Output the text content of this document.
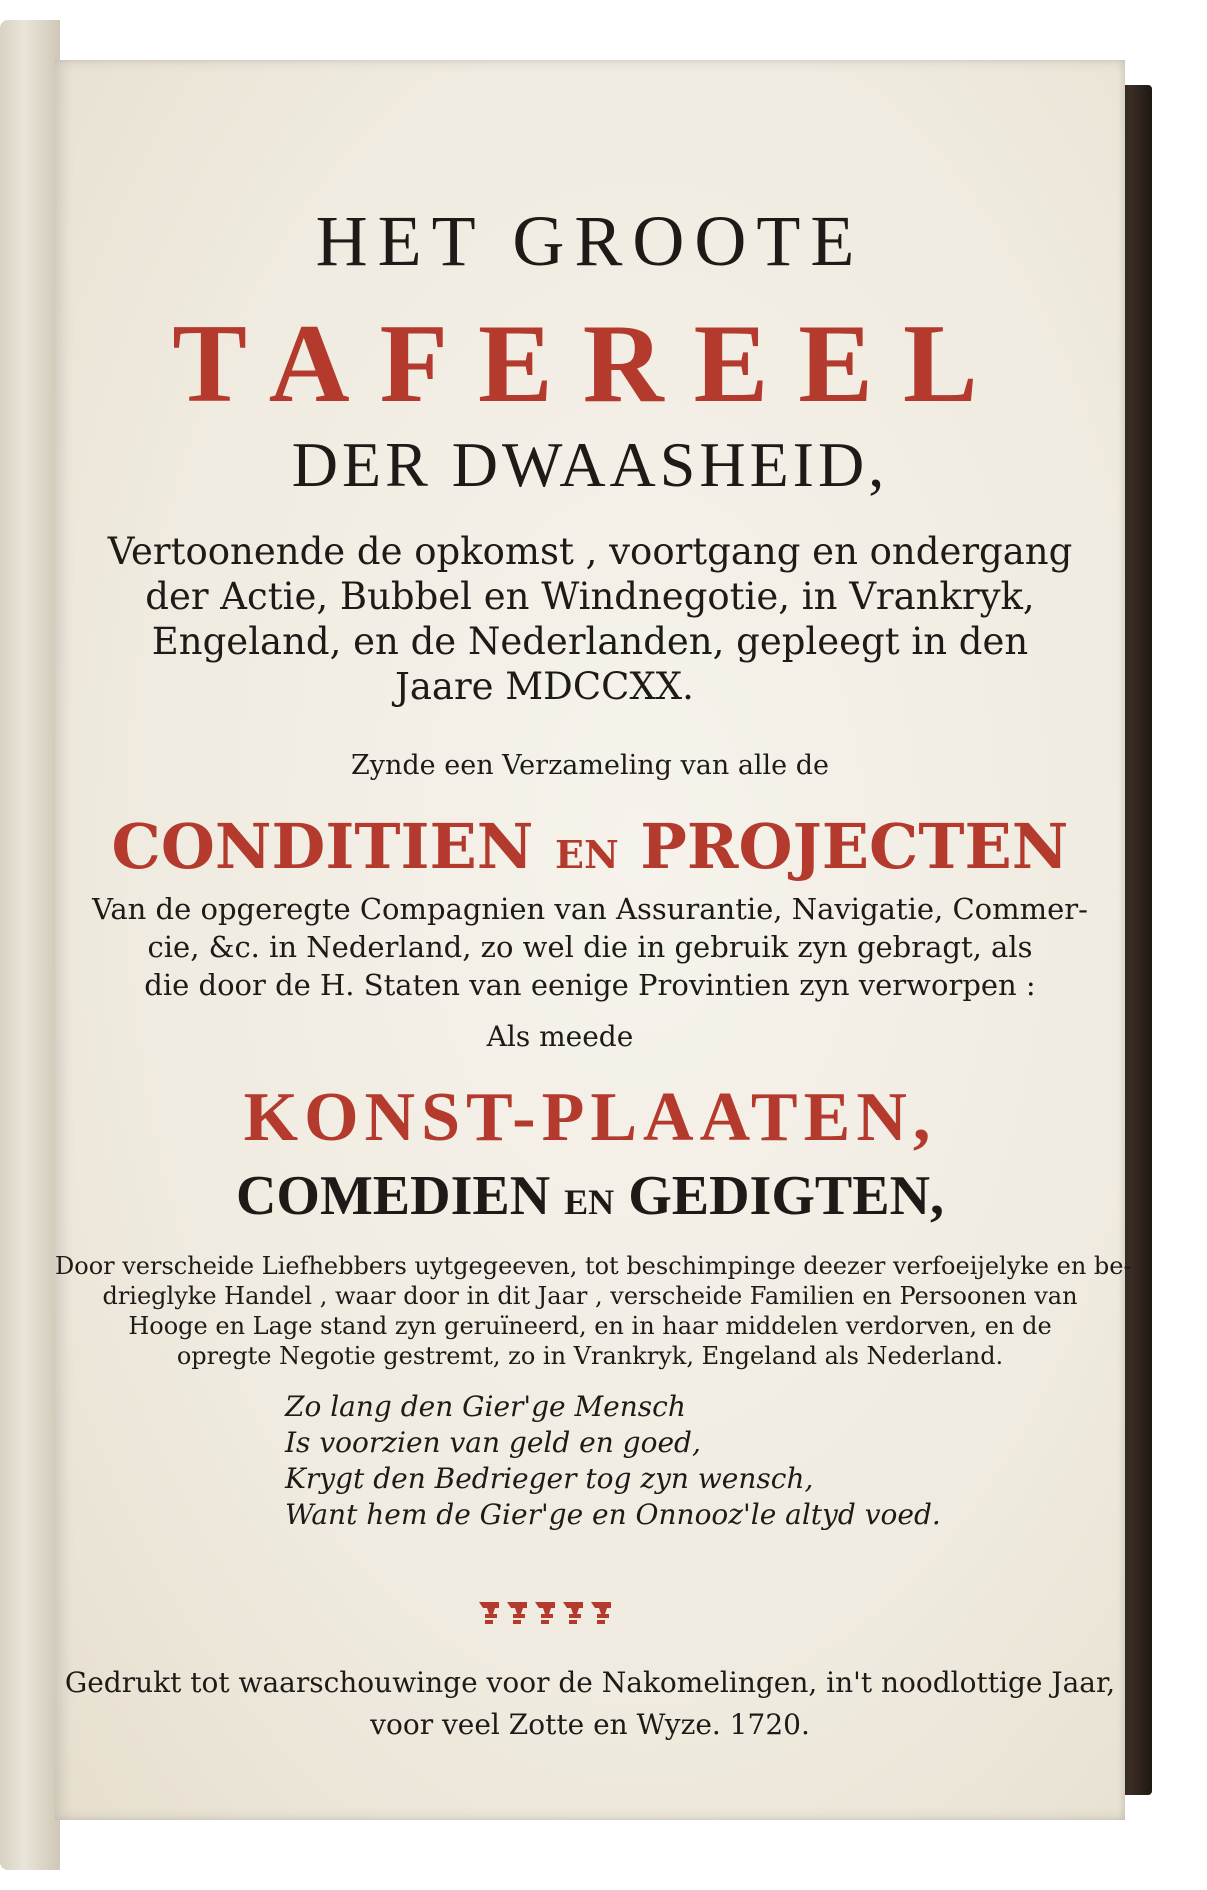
HET GROOTE
TAFEREEL
DER DWAASHEID,
Vertoonende de opkomst , voortgang en ondergang
der Actie, Bubbel en Windnegotie, in Vrankryk,
Engeland, en de Nederlanden, gepleegt in den
Jaare MDCCXX.
Zynde een Verzameling van alle de
CONDITIEN EN PROJECTEN
Van de opgeregte Compagnien van Assurantie, Navigatie, Commer-
cie, &c. in Nederland, zo wel die in gebruik zyn gebragt, als
die door de H. Staten van eenige Provintien zyn verworpen :
Als meede
KONST-PLAATEN,
COMEDIEN EN GEDIGTEN,
Door verscheide Liefhebbers uytgegeeven, tot beschimpinge deezer verfoeijelyke en be-
drieglyke Handel , waar door in dit Jaar , verscheide Familien en Persoonen van
Hooge en Lage stand zyn geruïneerd, en in haar middelen verdorven, en de
opregte Negotie gestremt, zo in Vrankryk, Engeland als Nederland.
Zo lang den Gier'ge Mensch
Is voorzien van geld en goed,
Krygt den Bedrieger tog zyn wensch,
Want hem de Gier'ge en Onnooz'le altyd voed.
Gedrukt tot waarschouwinge voor de Nakomelingen, in't noodlottige Jaar,
voor veel Zotte en Wyze. 1720.
